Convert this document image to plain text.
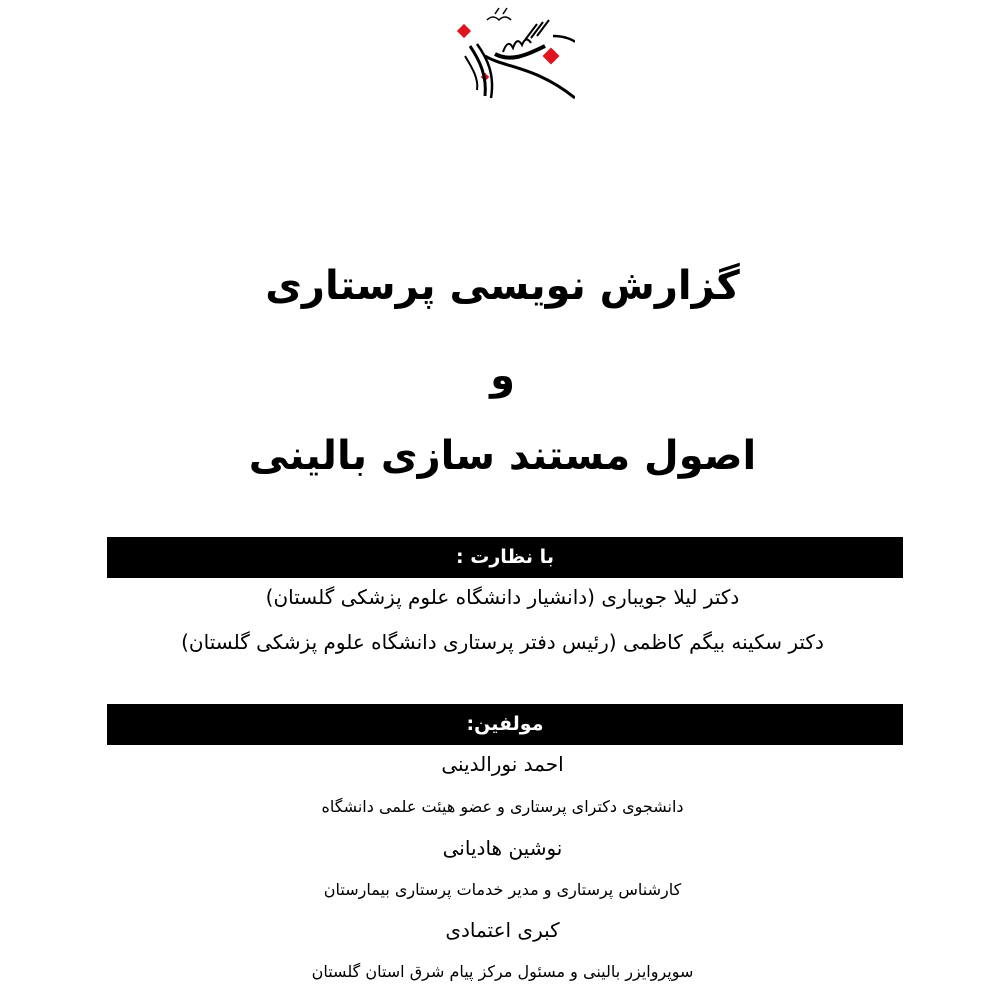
گزارش نویسی پرستاری
و
اصول مستند سازی بالینی
با نظارت :
دکتر لیلا جویباری (دانشیار دانشگاه علوم پزشکی گلستان)
دکتر سکینه بیگم کاظمی (رئیس دفتر پرستاری دانشگاه علوم پزشکی گلستان)
مولفین:
احمد نورالدینی
دانشجوی دکترای پرستاری و عضو هیئت علمی دانشگاه
نوشین هادیانی
کارشناس پرستاری و مدیر خدمات پرستاری بیمارستان
کبری اعتمادی
سوپروایزر بالینی و مسئول مرکز پیام شرق استان گلستان
